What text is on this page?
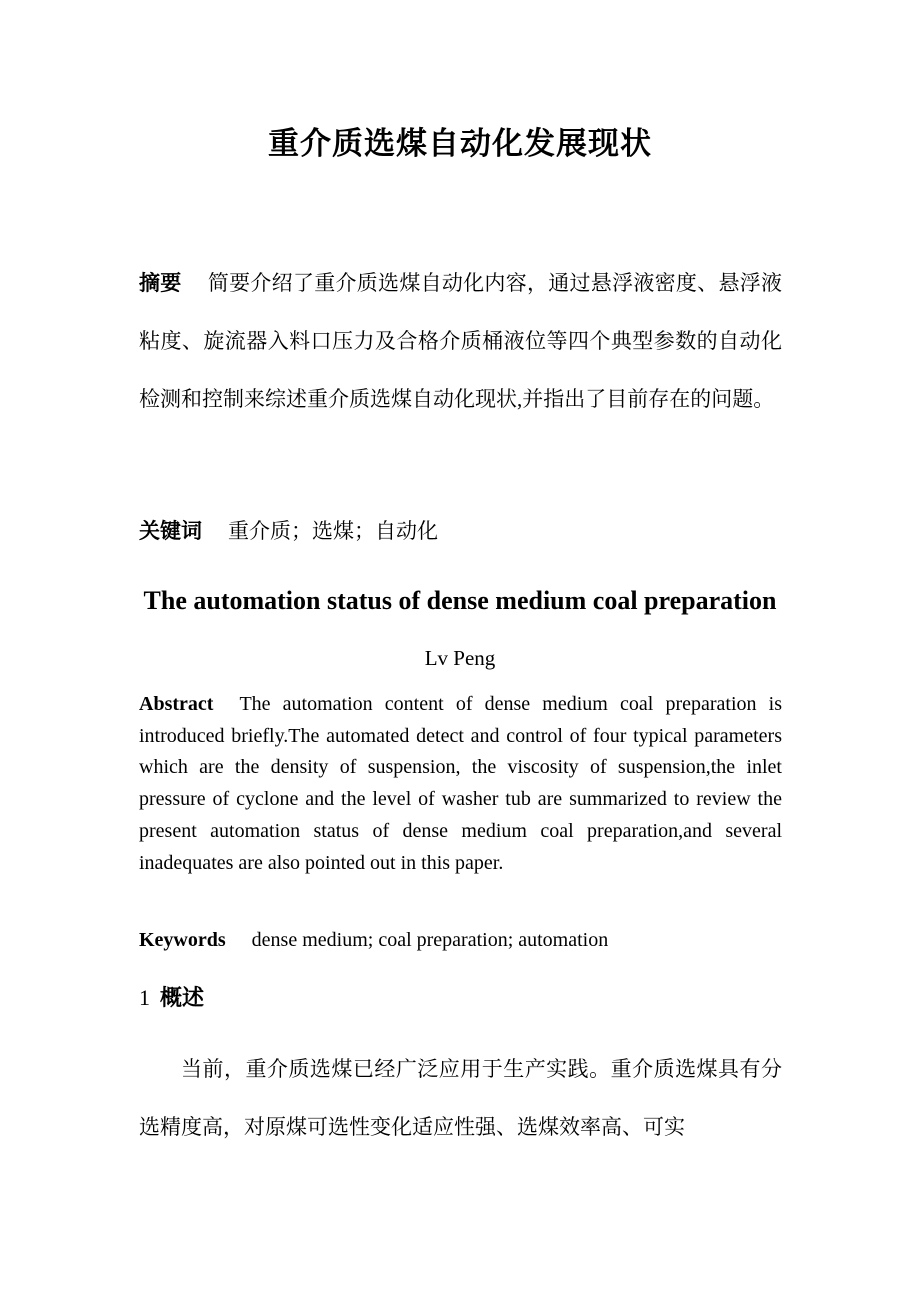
重介质选煤自动化发展现状
摘要 简要介绍了重介质选煤自动化内容，通过悬浮液密度、悬浮液粘度、旋流器入料口压力及合格介质桶液位等四个典型参数的自动化检测和控制来综述重介质选煤自动化现状,并指出了目前存在的问题。
关键词 重介质；选煤；自动化
The automation status of dense medium coal preparation
Lv Peng
Abstract The automation content of dense medium coal preparation is introduced briefly.The automated detect and control of four typical parameters which are the density of suspension, the viscosity of suspension,the inlet pressure of cyclone and the level of washer tub are summarized to review the present automation status of dense medium coal preparation,and several inadequates are also pointed out in this paper.
Keywords dense medium; coal preparation; automation
1 概述

当前，重介质选煤已经广泛应用于生产实践。重介质选煤具有分选精度高，对原煤可选性变化适应性强、选煤效率高、可实
